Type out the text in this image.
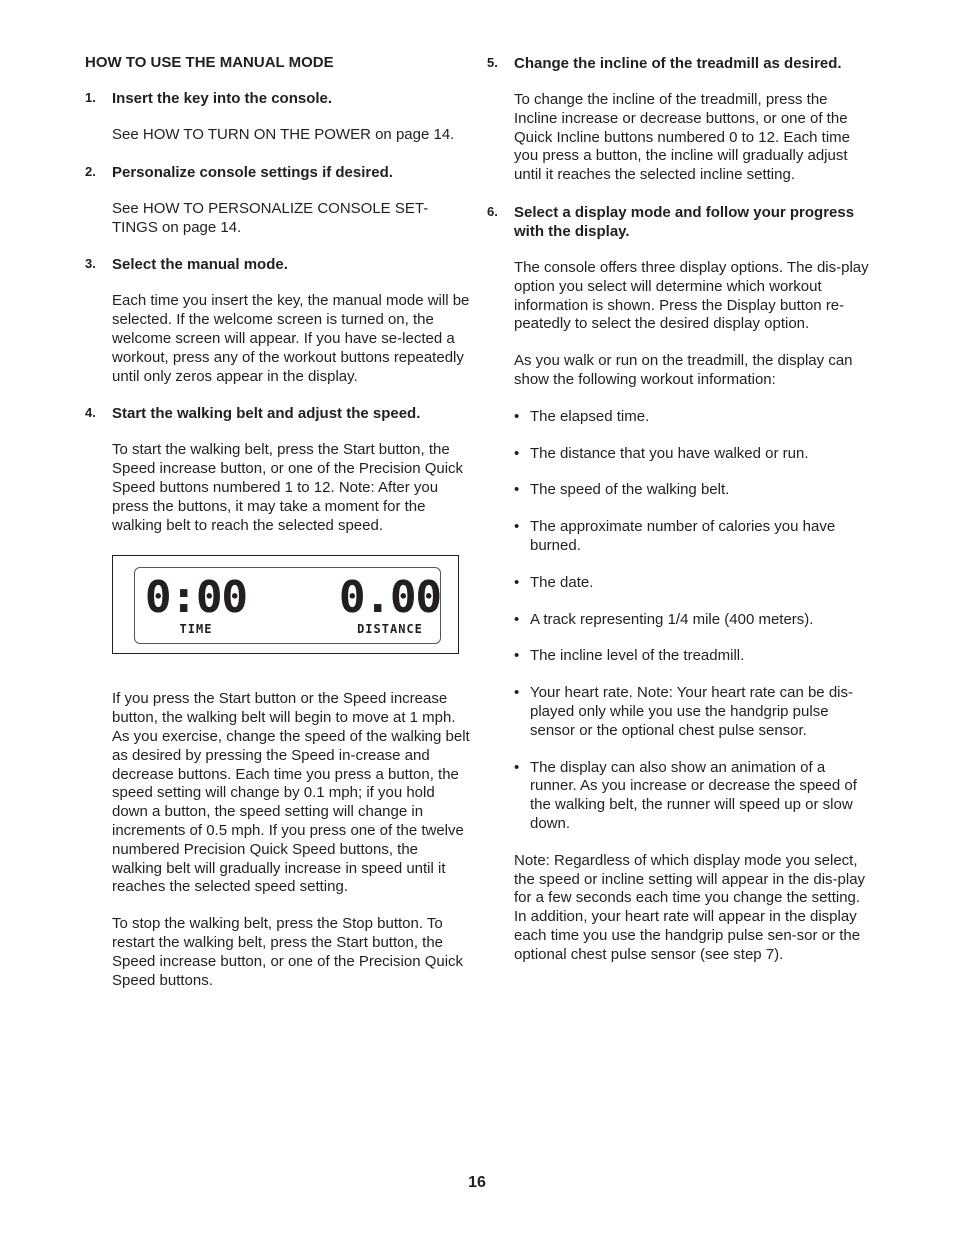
HOW TO USE THE MANUAL MODE
1. Insert the key into the console.
See HOW TO TURN ON THE POWER on page 14.
2. Personalize console settings if desired.
See HOW TO PERSONALIZE CONSOLE SET-TINGS on page 14.
3. Select the manual mode.
Each time you insert the key, the manual mode will be selected. If the welcome screen is turned on, the welcome screen will appear. If you have se-lected a workout, press any of the workout buttons repeatedly until only zeros appear in the display.
4. Start the walking belt and adjust the speed.
To start the walking belt, press the Start button, the Speed increase button, or one of the Precision Quick Speed buttons numbered 1 to 12. Note: After you press the buttons, it may take a moment for the walking belt to reach the selected speed.
0:00
TIME
0.00
DISTANCE
If you press the Start button or the Speed increase button, the walking belt will begin to move at 1 mph. As you exercise, change the speed of the walking belt as desired by pressing the Speed in-crease and decrease buttons. Each time you press a button, the speed setting will change by 0.1 mph; if you hold down a button, the speed setting will change in increments of 0.5 mph. If you press one of the twelve numbered Precision Quick Speed buttons, the walking belt will gradually increase in speed until it reaches the selected speed setting.
To stop the walking belt, press the Stop button. To restart the walking belt, press the Start button, the Speed increase button, or one of the Precision Quick Speed buttons.
5. Change the incline of the treadmill as desired.
To change the incline of the treadmill, press the Incline increase or decrease buttons, or one of the Quick Incline buttons numbered 0 to 12. Each time you press a button, the incline will gradually adjust until it reaches the selected incline setting.
6. Select a display mode and follow your progress with the display.
The console offers three display options. The dis-play option you select will determine which workout information is shown. Press the Display button re-peatedly to select the desired display option.
As you walk or run on the treadmill, the display can show the following workout information:
• The elapsed time.
• The distance that you have walked or run.
• The speed of the walking belt.
• The approximate number of calories you have burned.
• The date.
• A track representing 1/4 mile (400 meters).
• The incline level of the treadmill.
• Your heart rate. Note: Your heart rate can be dis-played only while you use the handgrip pulse sensor or the optional chest pulse sensor.
• The display can also show an animation of a runner. As you increase or decrease the speed of the walking belt, the runner will speed up or slow down.
Note: Regardless of which display mode you select, the speed or incline setting will appear in the dis-play for a few seconds each time you change the setting. In addition, your heart rate will appear in the display each time you use the handgrip pulse sen-sor or the optional chest pulse sensor (see step 7).
16
